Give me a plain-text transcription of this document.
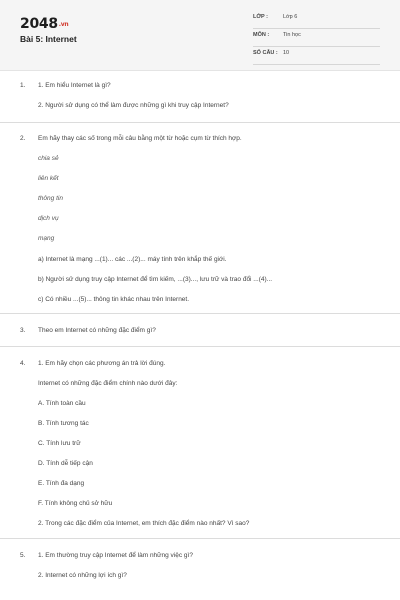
2048.vn
Bài 5: Internet
LỚP :	Lớp 6
MÔN :	Tin học
SỐ CÂU : 10
1. 1. Em hiểu Internet là gì?
2. Người sử dụng có thể làm được những gì khi truy cập Internet?
2. Em hãy thay các số trong mỗi câu bằng một từ hoặc cụm từ thích hợp.
chia sẻ
liên kết
thông tin
dịch vụ
mạng
a) Internet là mạng ...(1)... các ...(2)... máy tính trên khắp thế giới.
b) Người sử dụng truy cập Internet để tìm kiếm, ...(3)..., lưu trữ và trao đổi ...(4)...
c) Có nhiều ...(5)... thông tin khác nhau trên Internet.
3. Theo em Internet có những đặc điểm gì?
4. 1. Em hãy chọn các phương án trả lời đúng.
Internet có những đặc điểm chính nào dưới đây:
A. Tính toàn cầu
B. Tính tương tác
C. Tính lưu trữ
D. Tính dễ tiếp cận
E. Tính đa dạng
F. Tính không chủ sở hữu
2. Trong các đặc điểm của Internet, em thích đặc điểm nào nhất? Vì sao?
5. 1. Em thường truy cập Internet để làm những việc gì?
2. Internet có những lợi ích gì?
